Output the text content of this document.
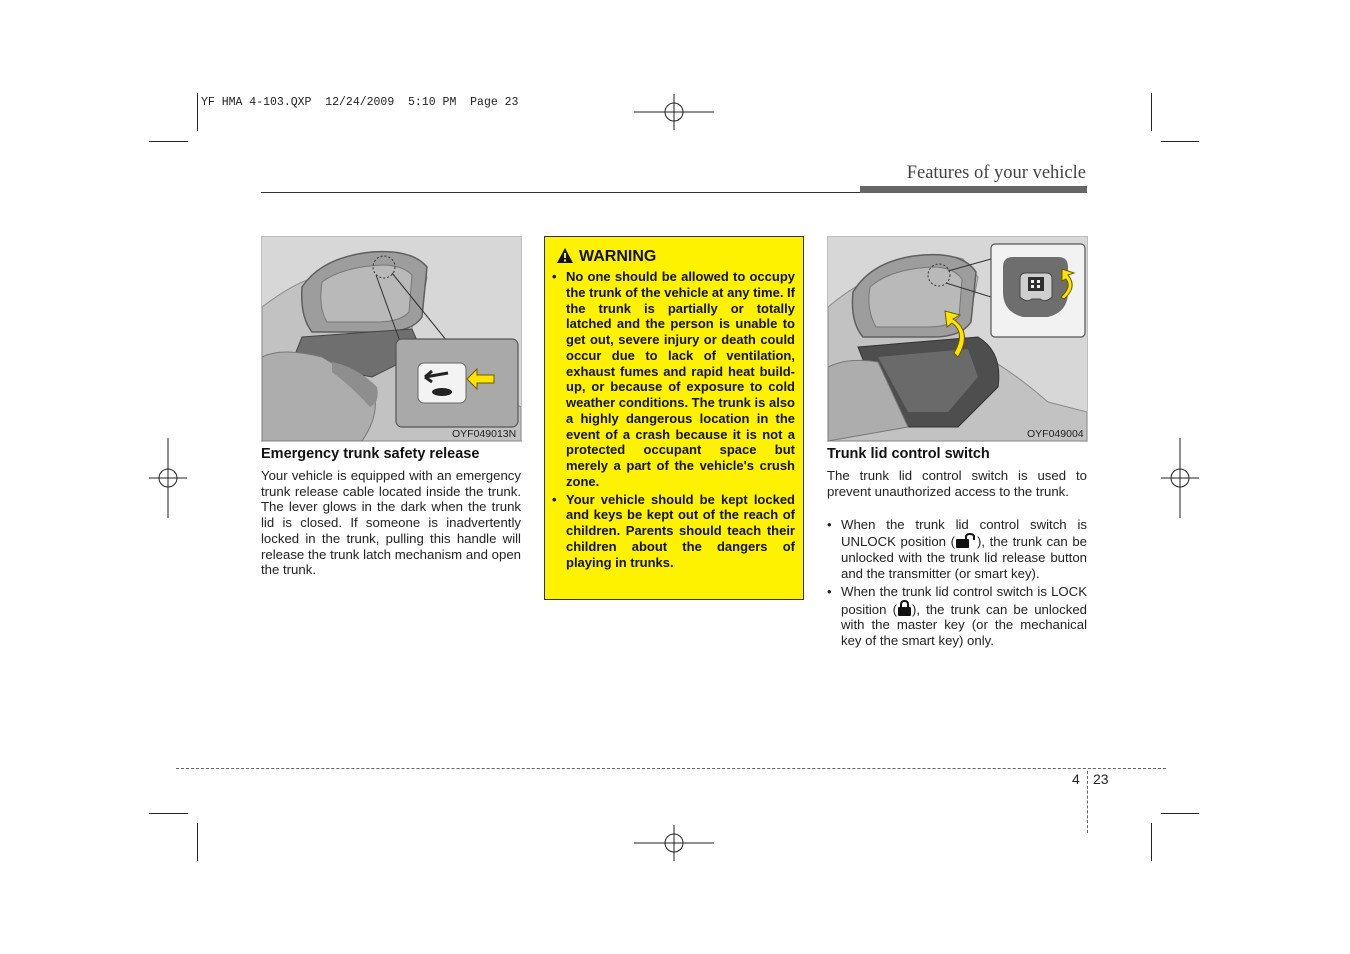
YF HMA 4-103.QXP  12/24/2009  5:10 PM  Page 23
Features of your vehicle
OYF049013N
Emergency trunk safety release
Your vehicle is equipped with an emergency trunk release cable located inside the trunk. The lever glows in the dark when the trunk lid is closed. If someone is inadvertently locked in the trunk, pulling this handle will release the trunk latch mechanism and open the trunk.
WARNING
• No one should be allowed to occupy the trunk of the vehicle at any time. If the trunk is partially or totally latched and the person is unable to get out, severe injury or death could occur due to lack of ventilation, exhaust fumes and rapid heat build-up, or because of exposure to cold weather conditions. The trunk is also a highly dangerous location in the event of a crash because it is not a protected occupant space but merely a part of the vehicle's crush zone.
• Your vehicle should be kept locked and keys be kept out of the reach of children. Parents should teach their children about the dangers of playing in trunks.
OYF049004
Trunk lid control switch
The trunk lid control switch is used to prevent unauthorized access to the trunk.
• When the trunk lid control switch is UNLOCK position ( ), the trunk can be unlocked with the trunk lid release button and the transmitter (or smart key).
• When the trunk lid control switch is LOCK position ( ), the trunk can be unlocked with the master key (or the mechanical key of the smart key) only.
4 23
